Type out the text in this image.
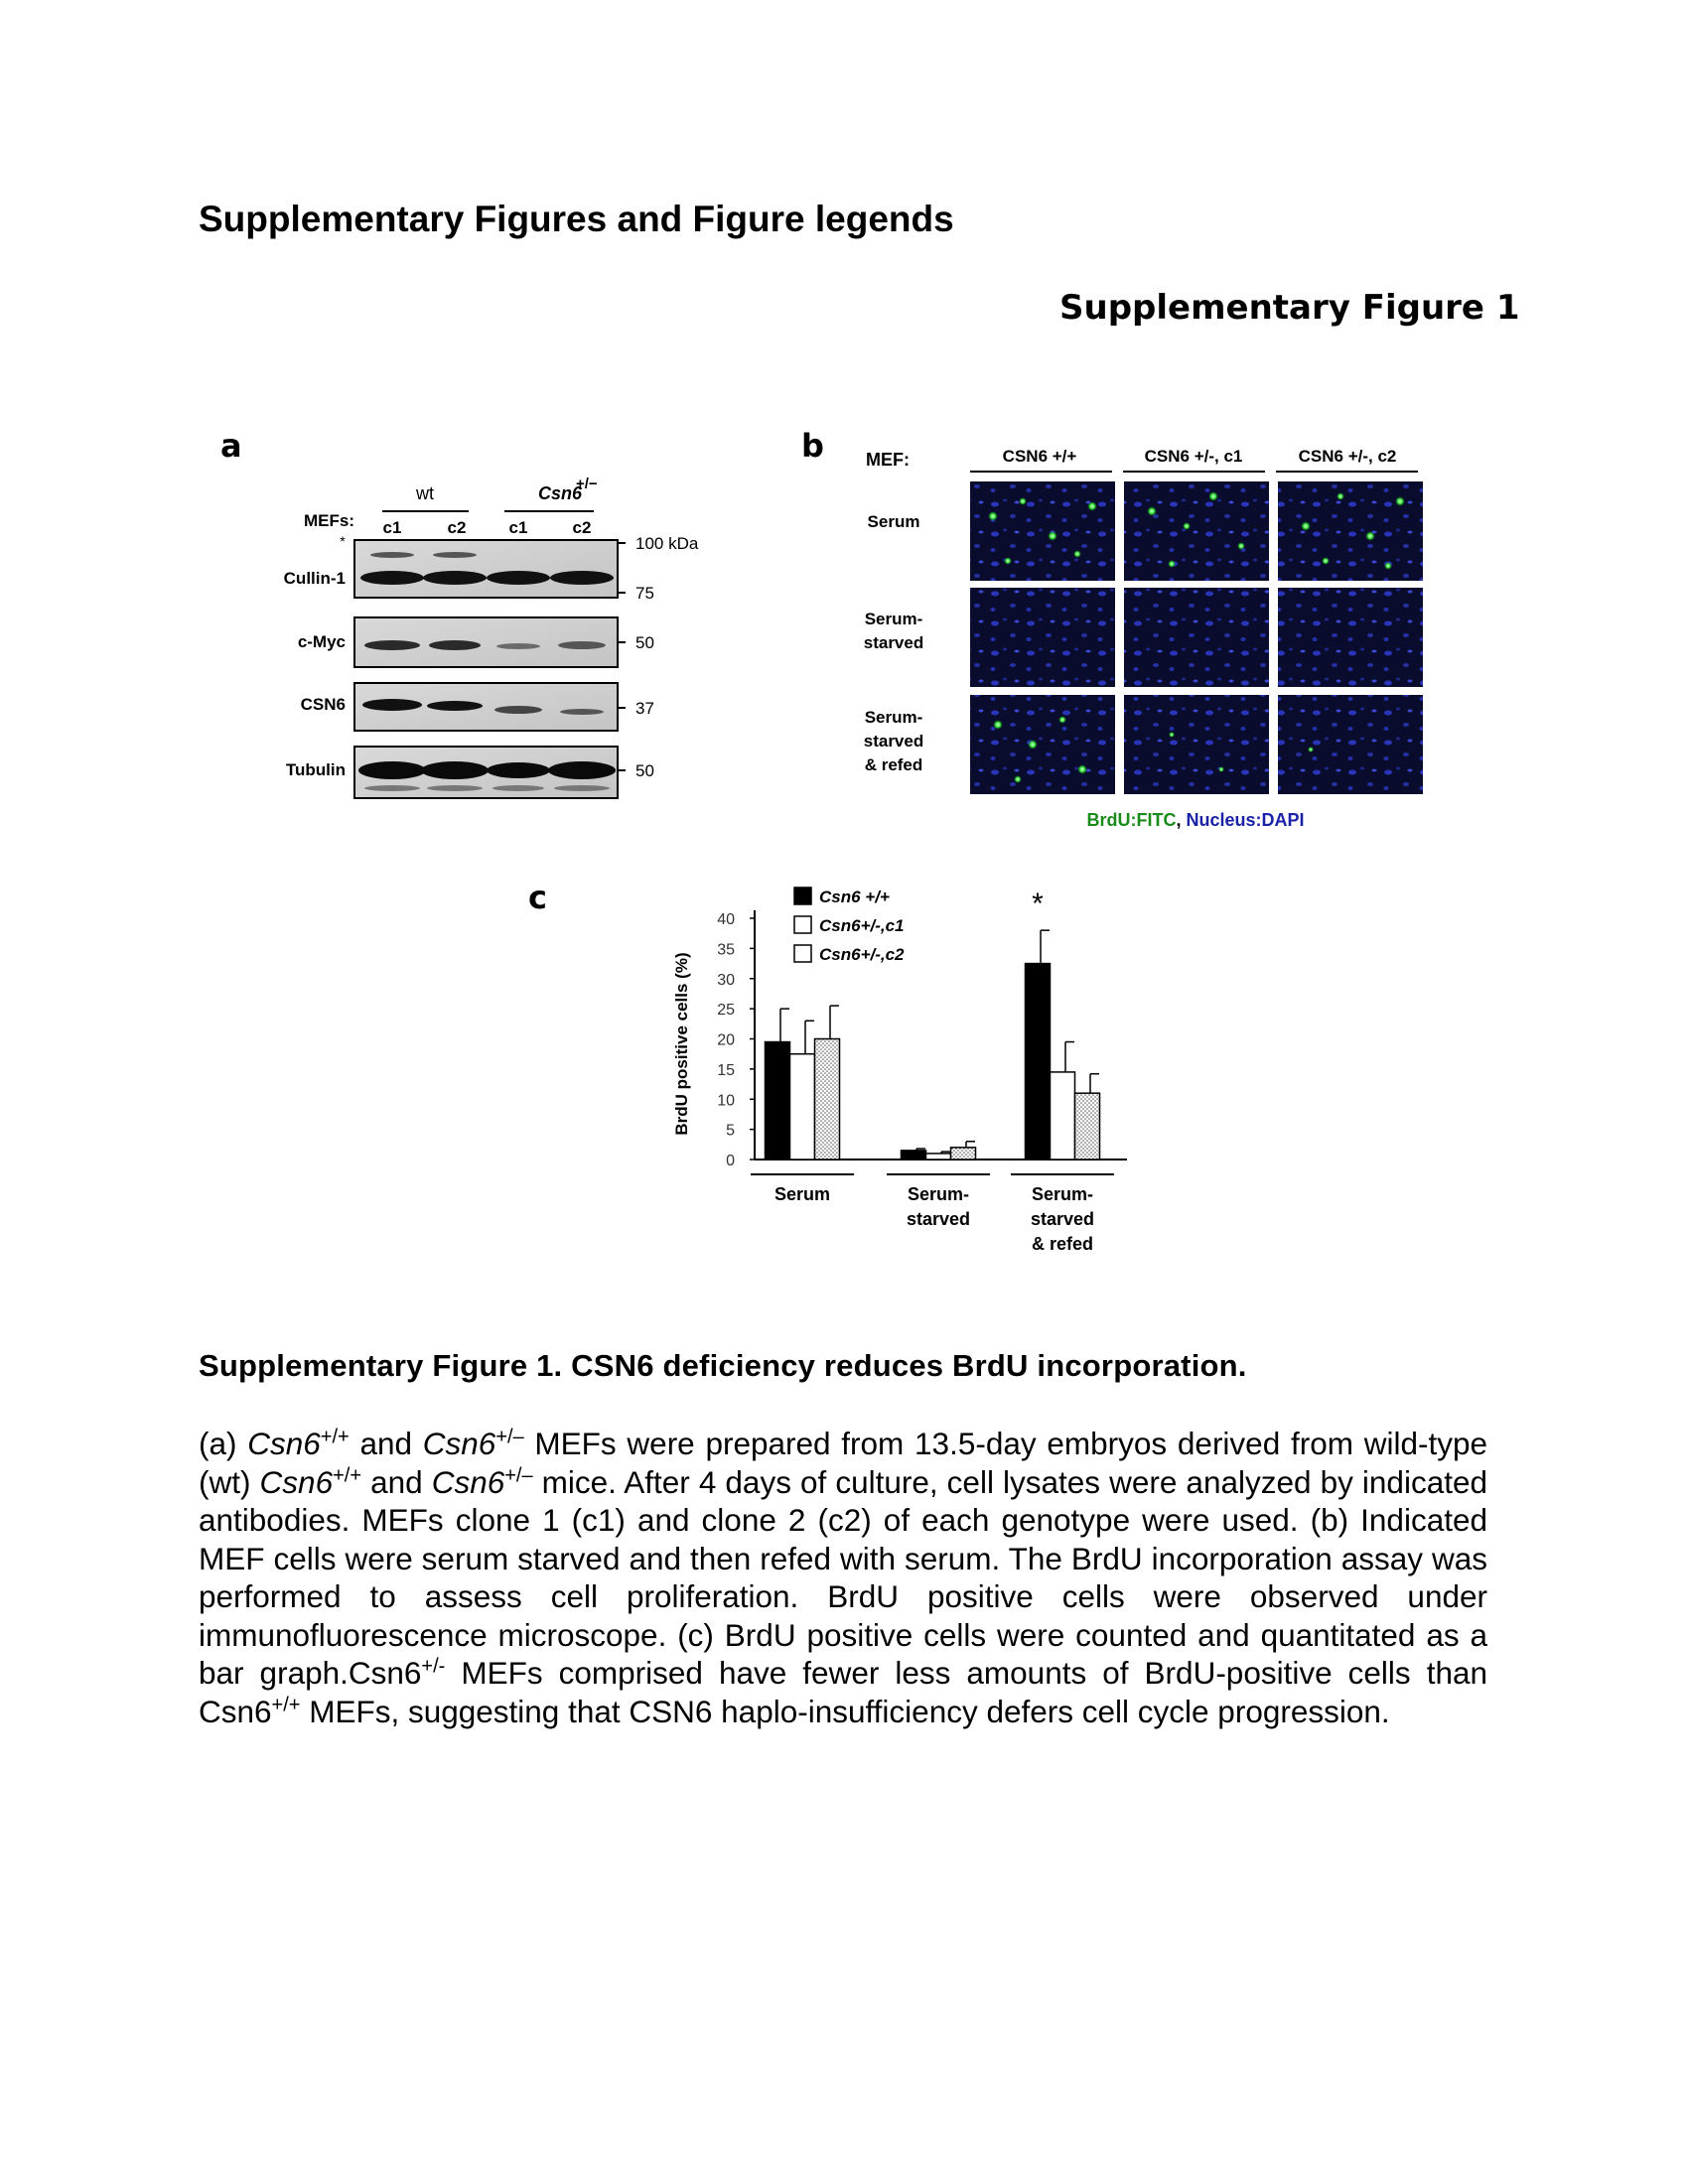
Supplementary Figures and Figure legends
Supplementary Figure 1
a
wt	Csn6
+/−
MEFs: c1	c2	c1	c2
*
Cullin-1
100 kDa
75
c-Myc	50
CSN6	37
Tubulin	50
b MEF:	CSN6 +/+	CSN6 +/-, c1	CSN6 +/-, c2
Serum
Serum-
starved
Serum-
starved
& refed
BrdU:FITC, Nucleus:DAPI
c
0
5
10
15
20
25
30
35
40
BrdU positive cells (%)
Serum	Serum-
starved
Serum-
starved
& refed
*
Csn6 +/+
Csn6+/-,c1
Csn6+/-,c2
Supplementary Figure 1. CSN6 deficiency reduces BrdU incorporation.
(a) Csn6+/+ and Csn6+/– MEFs were prepared from 13.5-day embryos derived from wild-type (wt) Csn6+/+ and Csn6+/– mice. After 4 days of culture, cell lysates were analyzed by indicated antibodies. MEFs clone 1 (c1) and clone 2 (c2) of each genotype were used. (b) Indicated MEF cells were serum starved and then refed with serum. The BrdU incorporation assay was performed to assess cell proliferation. BrdU positive cells were observed under immunofluorescence microscope. (c) BrdU positive cells were counted and quantitated as a bar graph.Csn6+/- MEFs comprised have fewer less amounts of BrdU-positive cells than Csn6+/+ MEFs, suggesting that CSN6 haplo-insufficiency defers cell cycle progression.
